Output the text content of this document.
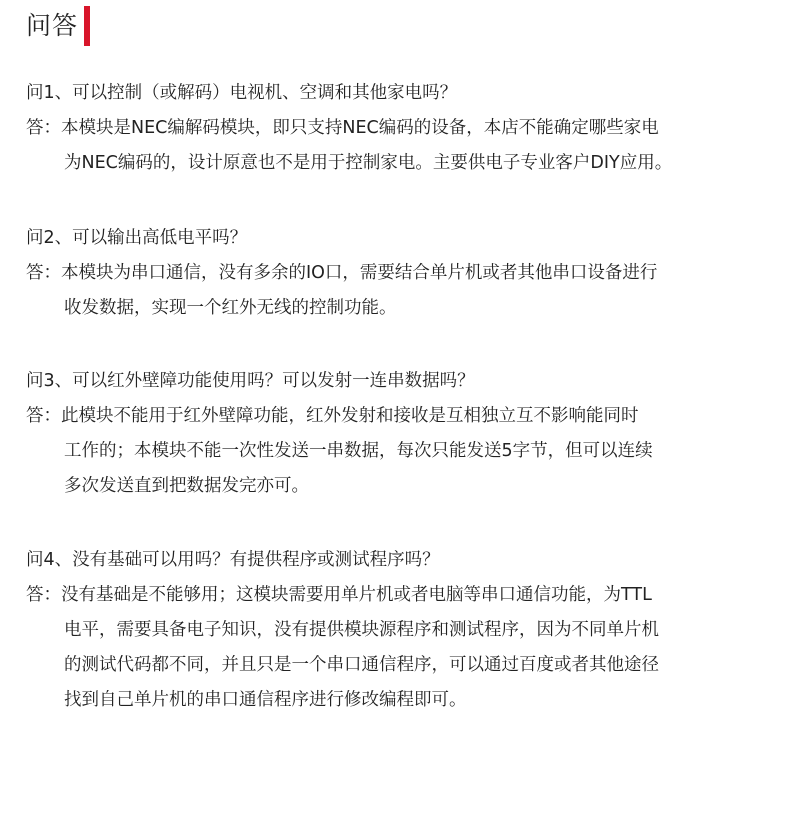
问答
问1、可以控制（或解码）电视机、空调和其他家电吗？
答：本模块是NEC编解码模块，即只支持NEC编码的设备，本店不能确定哪些家电
为NEC编码的，设计原意也不是用于控制家电。主要供电子专业客户DIY应用。
问2、可以输出高低电平吗？
答：本模块为串口通信，没有多余的IO口，需要结合单片机或者其他串口设备进行
收发数据，实现一个红外无线的控制功能。
问3、可以红外壁障功能使用吗？可以发射一连串数据吗？
答：此模块不能用于红外壁障功能，红外发射和接收是互相独立互不影响能同时
工作的；本模块不能一次性发送一串数据，每次只能发送5字节，但可以连续
多次发送直到把数据发完亦可。
问4、没有基础可以用吗？有提供程序或测试程序吗？
答：没有基础是不能够用；这模块需要用单片机或者电脑等串口通信功能，为TTL
电平，需要具备电子知识，没有提供模块源程序和测试程序，因为不同单片机
的测试代码都不同，并且只是一个串口通信程序，可以通过百度或者其他途径
找到自己单片机的串口通信程序进行修改编程即可。
